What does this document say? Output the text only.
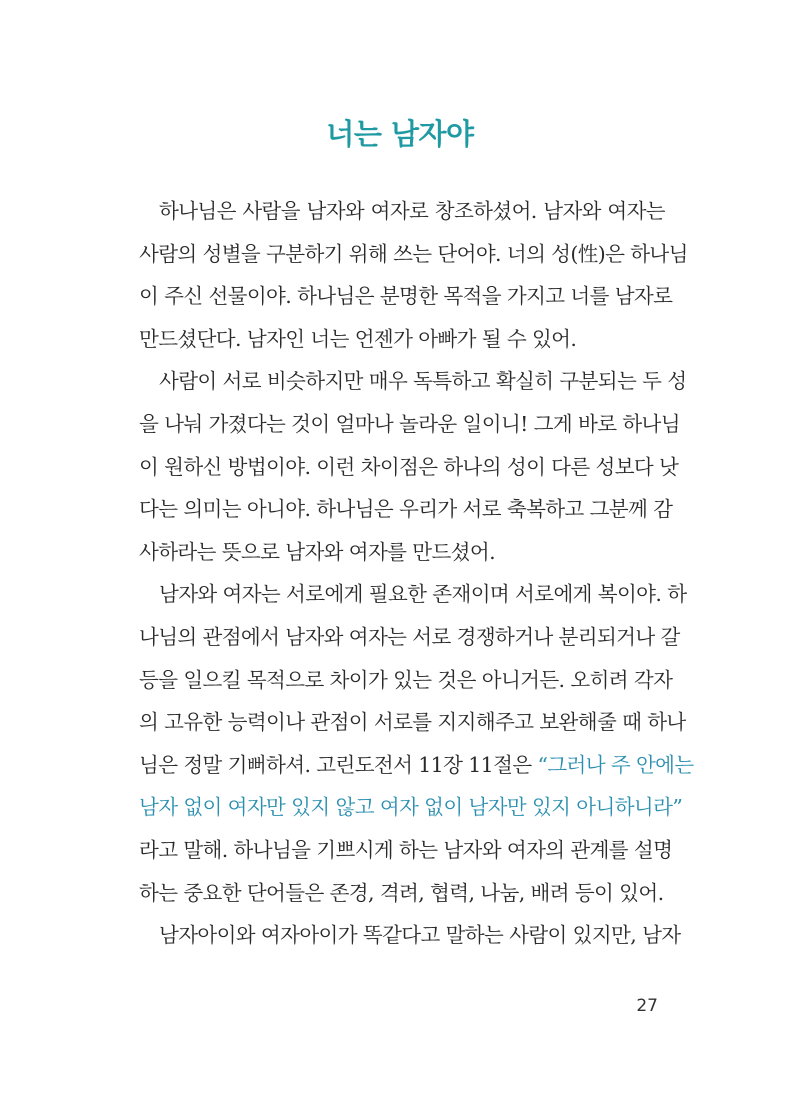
너는 남자야
하나님은 사람을 남자와 여자로 창조하셨어. 남자와 여자는
사람의 성별을 구분하기 위해 쓰는 단어야. 너의 성(性)은 하나님
이 주신 선물이야. 하나님은 분명한 목적을 가지고 너를 남자로
만드셨단다. 남자인 너는 언젠가 아빠가 될 수 있어.
사람이 서로 비슷하지만 매우 독특하고 확실히 구분되는 두 성
을 나눠 가졌다는 것이 얼마나 놀라운 일이니! 그게 바로 하나님
이 원하신 방법이야. 이런 차이점은 하나의 성이 다른 성보다 낫
다는 의미는 아니야. 하나님은 우리가 서로 축복하고 그분께 감
사하라는 뜻으로 남자와 여자를 만드셨어.
남자와 여자는 서로에게 필요한 존재이며 서로에게 복이야. 하
나님의 관점에서 남자와 여자는 서로 경쟁하거나 분리되거나 갈
등을 일으킬 목적으로 차이가 있는 것은 아니거든. 오히려 각자
의 고유한 능력이나 관점이 서로를 지지해주고 보완해줄 때 하나
님은 정말 기뻐하셔. 고린도전서 11장 11절은 “그러나 주 안에는
남자 없이 여자만 있지 않고 여자 없이 남자만 있지 아니하니라”
라고 말해. 하나님을 기쁘시게 하는 남자와 여자의 관계를 설명
하는 중요한 단어들은 존경, 격려, 협력, 나눔, 배려 등이 있어.
남자아이와 여자아이가 똑같다고 말하는 사람이 있지만, 남자
27
